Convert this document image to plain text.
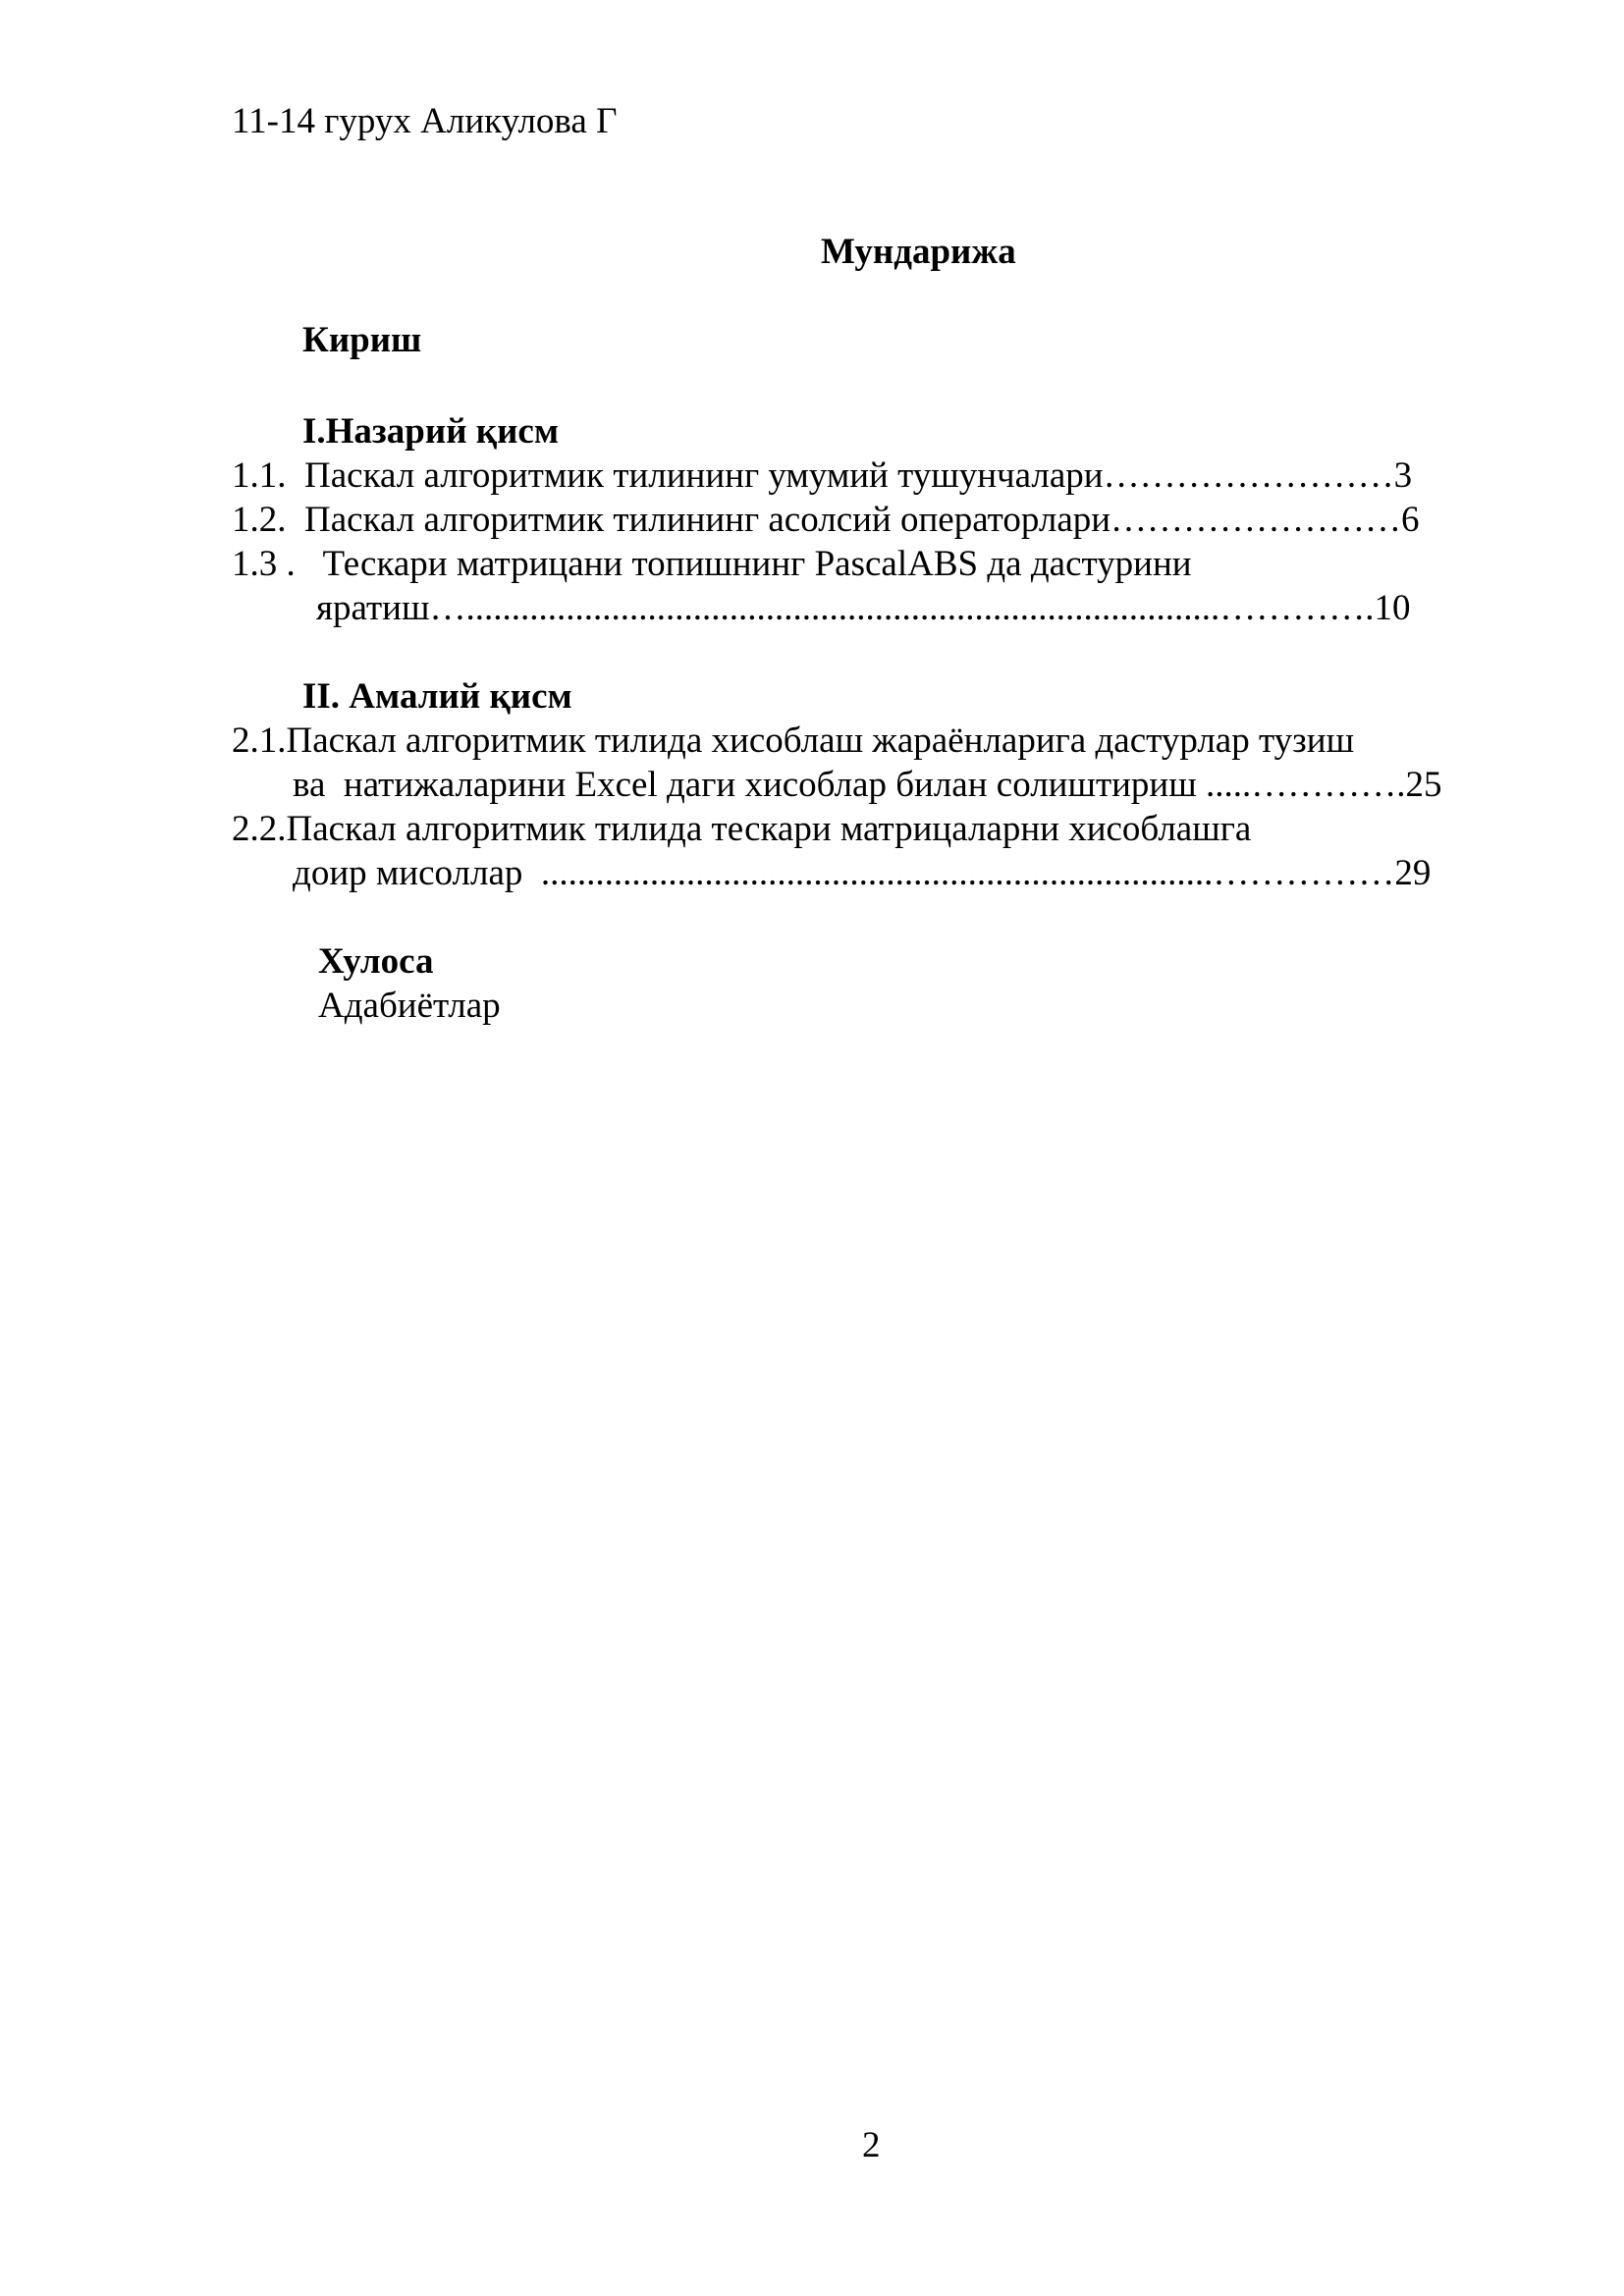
11-14 гурух Аликулова Г
Мундарижа
Кириш
I.Назарий қисм
1.1.  Паскал алгоритмик тилининг умумий тушунчалари……………………3
1.2.  Паскал алгоритмик тилининг асолсий операторлари……………………6
1.3 .   Тескари матрицани топишнинг PascalABS да дастурини
яратиш…...................................................................................………….10
II. Амалий қисм
2.1.Паскал алгоритмик тилида хисоблаш жараёнларига дастурлар тузиш
ва  натижаларини Excel даги хисоблар билан солиштириш .....………….25
2.2.Паскал алгоритмик тилида тескари матрицаларни хисоблашга
доир мисоллар  ..........................................................................……………29
Хулоса
Адабиётлар
2
